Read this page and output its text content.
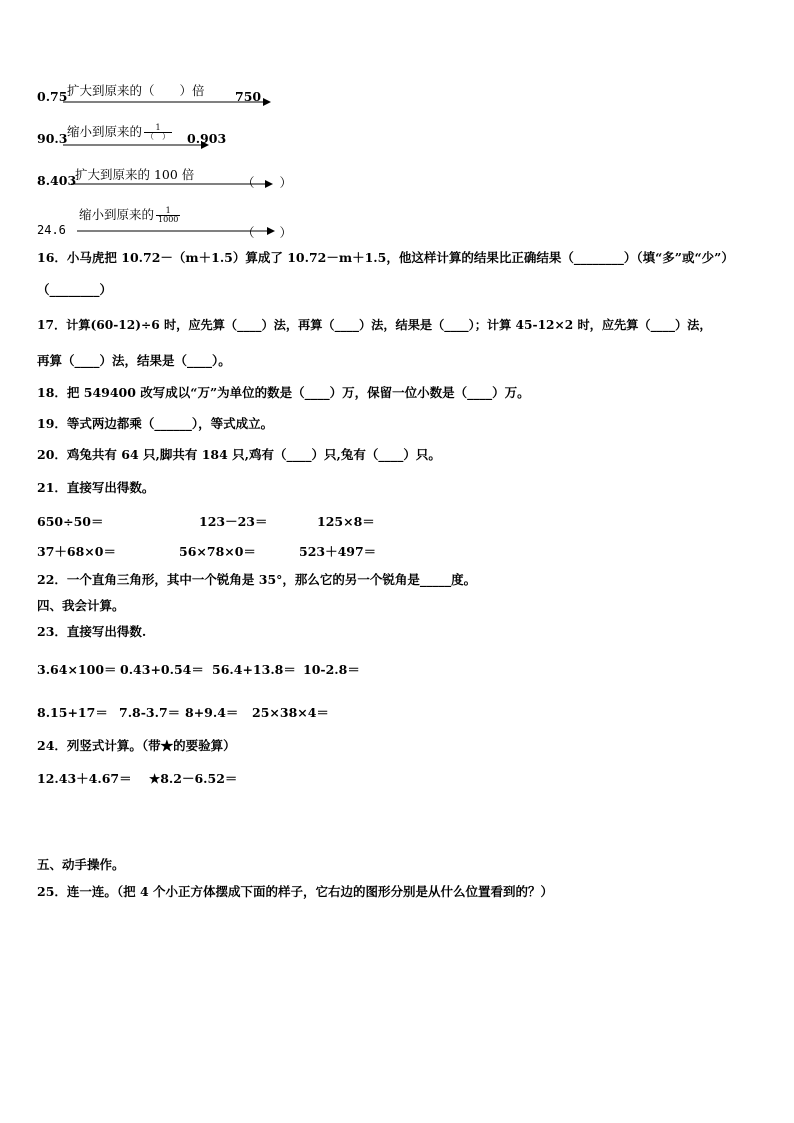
0.75 扩大到原来的（　　）倍 750
90.3 缩小到原来的 $\frac{1}{( )} 0.903$
8.403
扩大到原来的 100 倍
（　　）
24.6
缩小到原来的 $\frac{1}{1000}$
（　　）
16．小马虎把 10.72－（m＋1.5）算成了 10.72－m＋1.5，他这样计算的结果比正确结果（________）（填“多”或“少”）
（________）
17．计算(60-12)÷6 时，应先算（____）法，再算（____）法，结果是（____）；计算 45-12×2 时，应先算（____）法，
再算（____）法，结果是（____）。
18．把 549400 改写成以“万”为单位的数是（____）万，保留一位小数是（____）万。
19．等式两边都乘（______），等式成立。
20．鸡兔共有 64 只,脚共有 184 只,鸡有（____）只,兔有（____）只。
21．直接写出得数。
650÷50＝	123－23＝	125×8＝
37＋68×0＝	56×78×0＝	523＋497＝
22．一个直角三角形，其中一个锐角是 35°，那么它的另一个锐角是_____度。
四、我会计算。
23．直接写出得数.
3.64×100＝ 0.43+0.54＝ 56.4+13.8＝ 10-2.8＝
8.15+17＝ 7.8-3.7＝ 8+9.4＝ 25×38×4＝
24．列竖式计算。（带★的要验算）
12.43＋4.67＝ ★8.2－6.52＝
五、动手操作。
25．连一连。（把 4 个小正方体摆成下面的样子，它右边的图形分别是从什么位置看到的？）
